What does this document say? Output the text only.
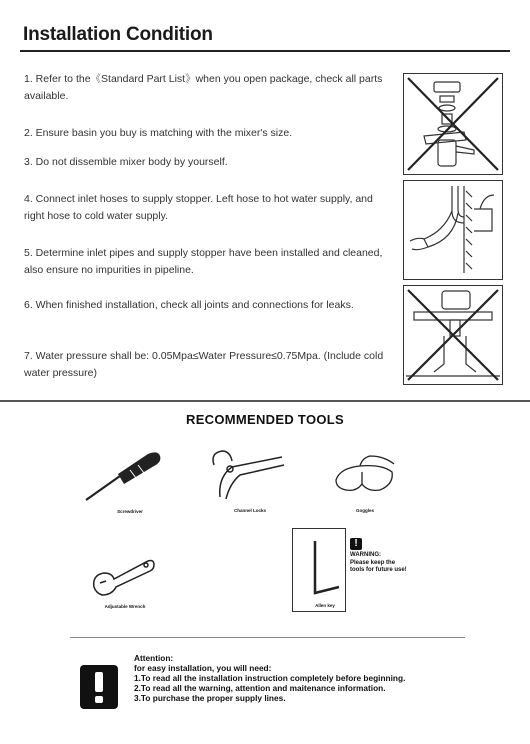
Installation Condition
1. Refer to the《Standard Part List》when you open package, check all parts available.
2. Ensure basin you buy is matching with the mixer's size.
3. Do not dissemble mixer body by yourself.
4. Connect inlet hoses to supply stopper. Left hose to hot water supply, and right hose to cold water supply.
5. Determine inlet pipes and supply stopper have been installed and cleaned, also ensure no impurities in pipeline.
6. When finished installation, check all joints and connections for leaks.
7. Water pressure shall be: 0.05Mpa≤Water Pressure≤0.75Mpa. (Include cold water pressure)
RECOMMENDED TOOLS
Screwdriver	Channel Locks	Goggles
Adjustable Wrench	Allen key
!
WARNING:
Please keep the tools for future use!
Attention:
for easy installation, you will need:
1.To read all the installation instruction completely before beginning.
2.To read all the warning, attention and maitenance information.
3.To purchase the proper supply lines.
